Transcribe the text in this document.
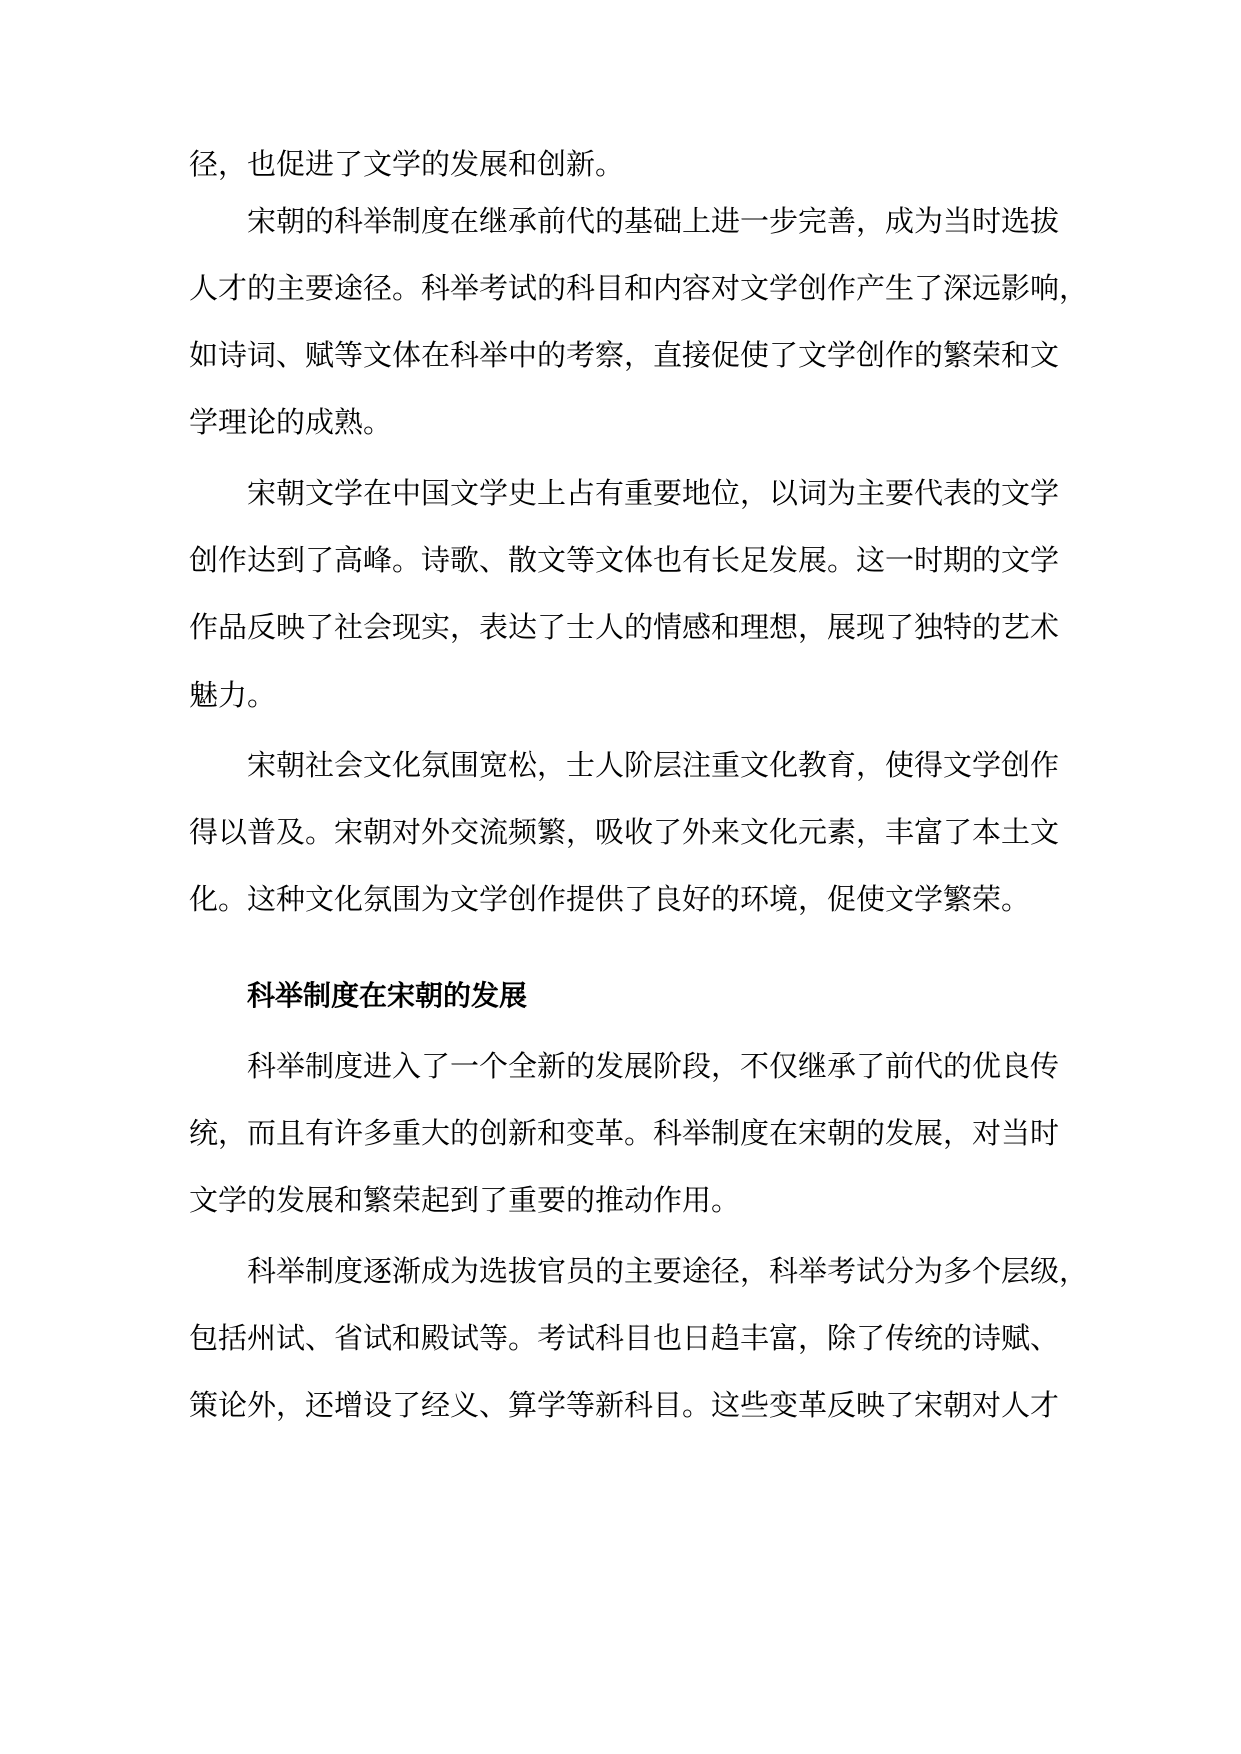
径，也促进了文学的发展和创新。
宋朝的科举制度在继承前代的基础上进一步完善，成为当时选拔
人才的主要途径。科举考试的科目和内容对文学创作产生了深远影响，
如诗词、赋等文体在科举中的考察，直接促使了文学创作的繁荣和文
学理论的成熟。
宋朝文学在中国文学史上占有重要地位，以词为主要代表的文学
创作达到了高峰。诗歌、散文等文体也有长足发展。这一时期的文学
作品反映了社会现实，表达了士人的情感和理想，展现了独特的艺术
魅力。
宋朝社会文化氛围宽松，士人阶层注重文化教育，使得文学创作
得以普及。宋朝对外交流频繁，吸收了外来文化元素，丰富了本土文
化。这种文化氛围为文学创作提供了良好的环境，促使文学繁荣。
科举制度在宋朝的发展
科举制度进入了一个全新的发展阶段，不仅继承了前代的优良传
统，而且有许多重大的创新和变革。科举制度在宋朝的发展，对当时
文学的发展和繁荣起到了重要的推动作用。
科举制度逐渐成为选拔官员的主要途径，科举考试分为多个层级，
包括州试、省试和殿试等。考试科目也日趋丰富，除了传统的诗赋、
策论外，还增设了经义、算学等新科目。这些变革反映了宋朝对人才
